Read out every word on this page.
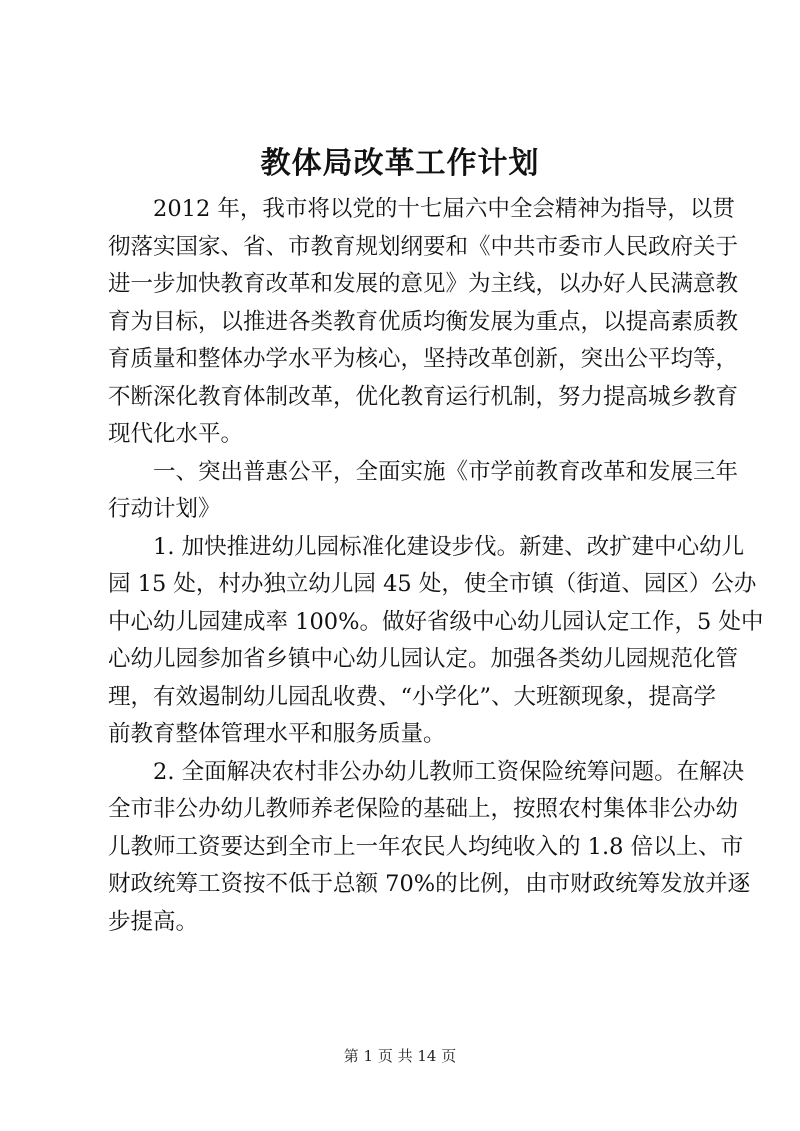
教体局改革工作计划

2012 年，我市将以党的十七届六中全会精神为指导，以贯
彻落实国家、省、市教育规划纲要和《中共市委市人民政府关于
进一步加快教育改革和发展的意见》为主线，以办好人民满意教
育为目标，以推进各类教育优质均衡发展为重点，以提高素质教
育质量和整体办学水平为核心，坚持改革创新，突出公平均等，
不断深化教育体制改革，优化教育运行机制，努力提高城乡教育
现代化水平。

一、突出普惠公平，全面实施《市学前教育改革和发展三年
行动计划》

1. 加快推进幼儿园标准化建设步伐。新建、改扩建中心幼儿
园 15 处，村办独立幼儿园 45 处，使全市镇（街道、园区）公办
中心幼儿园建成率 100%。做好省级中心幼儿园认定工作，5 处中
心幼儿园参加省乡镇中心幼儿园认定。加强各类幼儿园规范化管
理，有效遏制幼儿园乱收费、“小学化”、大班额现象，提高学
前教育整体管理水平和服务质量。

2. 全面解决农村非公办幼儿教师工资保险统筹问题。在解决
全市非公办幼儿教师养老保险的基础上，按照农村集体非公办幼
儿教师工资要达到全市上一年农民人均纯收入的 1.8 倍以上、市
财政统筹工资按不低于总额 70%的比例，由市财政统筹发放并逐
步提高。

第 1 页 共 14 页
